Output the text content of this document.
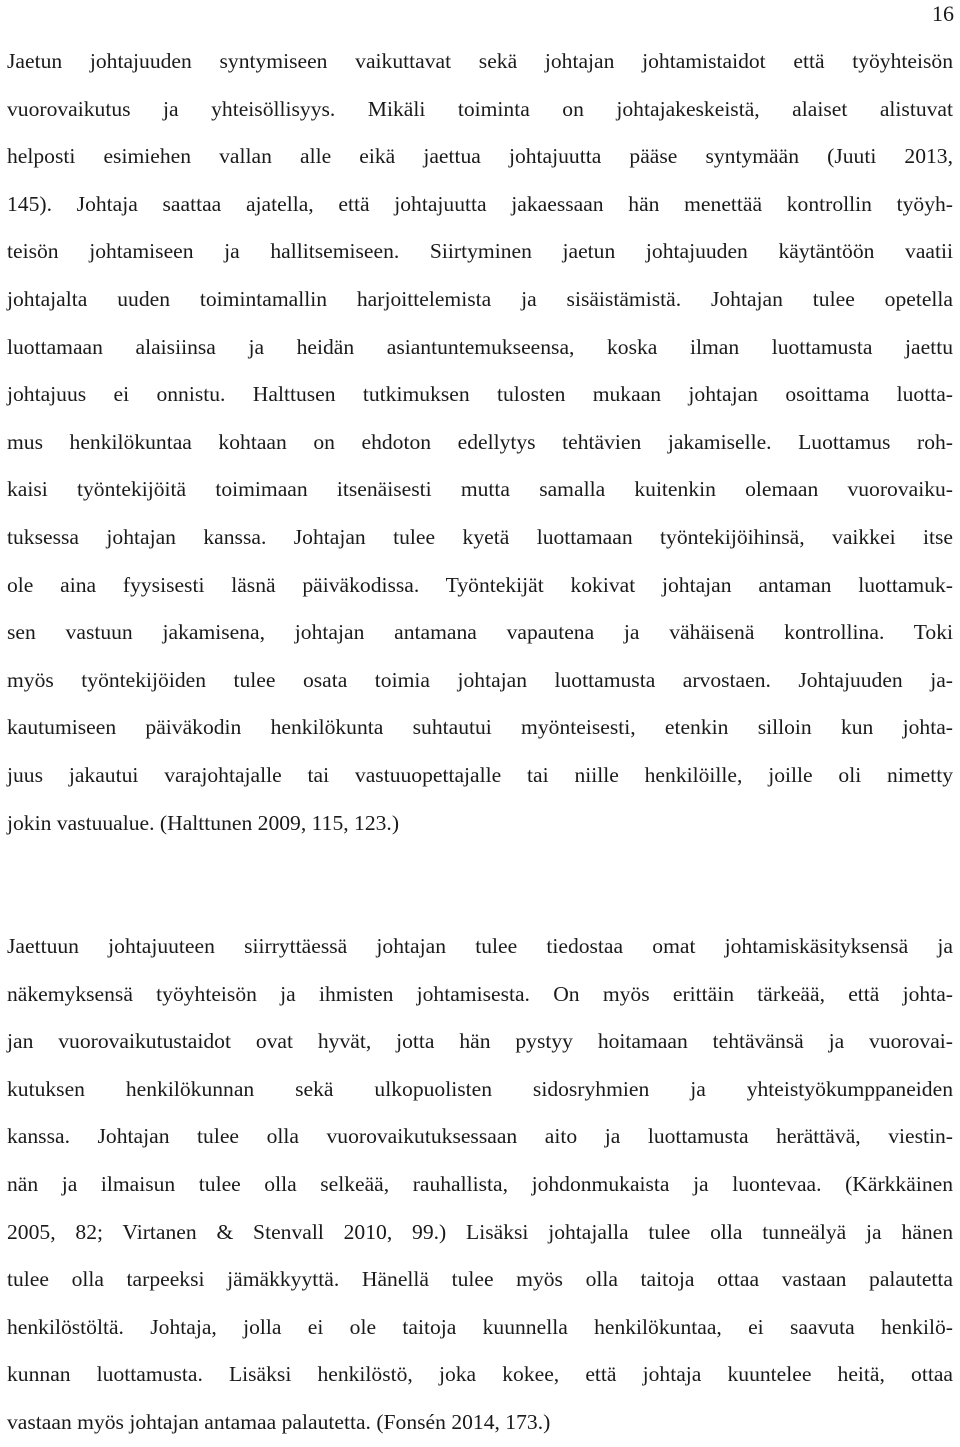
16
Jaetun johtajuuden syntymiseen vaikuttavat sekä johtajan johtamistaidot että työyhteisön
vuorovaikutus ja yhteisöllisyys. Mikäli toiminta on johtajakeskeistä, alaiset alistuvat
helposti esimiehen vallan alle eikä jaettua johtajuutta pääse syntymään (Juuti 2013,
145). Johtaja saattaa ajatella, että johtajuutta jakaessaan hän menettää kontrollin työyh-
teisön johtamiseen ja hallitsemiseen. Siirtyminen jaetun johtajuuden käytäntöön vaatii
johtajalta uuden toimintamallin harjoittelemista ja sisäistämistä. Johtajan tulee opetella
luottamaan alaisiinsa ja heidän asiantuntemukseensa, koska ilman luottamusta jaettu
johtajuus ei onnistu. Halttusen tutkimuksen tulosten mukaan johtajan osoittama luotta-
mus henkilökuntaa kohtaan on ehdoton edellytys tehtävien jakamiselle. Luottamus roh-
kaisi työntekijöitä toimimaan itsenäisesti mutta samalla kuitenkin olemaan vuorovaiku-
tuksessa johtajan kanssa. Johtajan tulee kyetä luottamaan työntekijöihinsä, vaikkei itse
ole aina fyysisesti läsnä päiväkodissa. Työntekijät kokivat johtajan antaman luottamuk-
sen vastuun jakamisena, johtajan antamana vapautena ja vähäisenä kontrollina. Toki
myös työntekijöiden tulee osata toimia johtajan luottamusta arvostaen. Johtajuuden ja-
kautumiseen päiväkodin henkilökunta suhtautui myönteisesti, etenkin silloin kun johta-
juus jakautui varajohtajalle tai vastuuopettajalle tai niille henkilöille, joille oli nimetty
jokin vastuualue. (Halttunen 2009, 115, 123.)
Jaettuun johtajuuteen siirryttäessä johtajan tulee tiedostaa omat johtamiskäsityksensä ja
näkemyksensä työyhteisön ja ihmisten johtamisesta. On myös erittäin tärkeää, että johta-
jan vuorovaikutustaidot ovat hyvät, jotta hän pystyy hoitamaan tehtävänsä ja vuorovai-
kutuksen henkilökunnan sekä ulkopuolisten sidosryhmien ja yhteistyökumppaneiden
kanssa. Johtajan tulee olla vuorovaikutuksessaan aito ja luottamusta herättävä, viestin-
nän ja ilmaisun tulee olla selkeää, rauhallista, johdonmukaista ja luontevaa. (Kärkkäinen
2005, 82; Virtanen & Stenvall 2010, 99.) Lisäksi johtajalla tulee olla tunneälyä ja hänen
tulee olla tarpeeksi jämäkkyyttä. Hänellä tulee myös olla taitoja ottaa vastaan palautetta
henkilöstöltä. Johtaja, jolla ei ole taitoja kuunnella henkilökuntaa, ei saavuta henkilö-
kunnan luottamusta. Lisäksi henkilöstö, joka kokee, että johtaja kuuntelee heitä, ottaa
vastaan myös johtajan antamaa palautetta. (Fonsén 2014, 173.)
